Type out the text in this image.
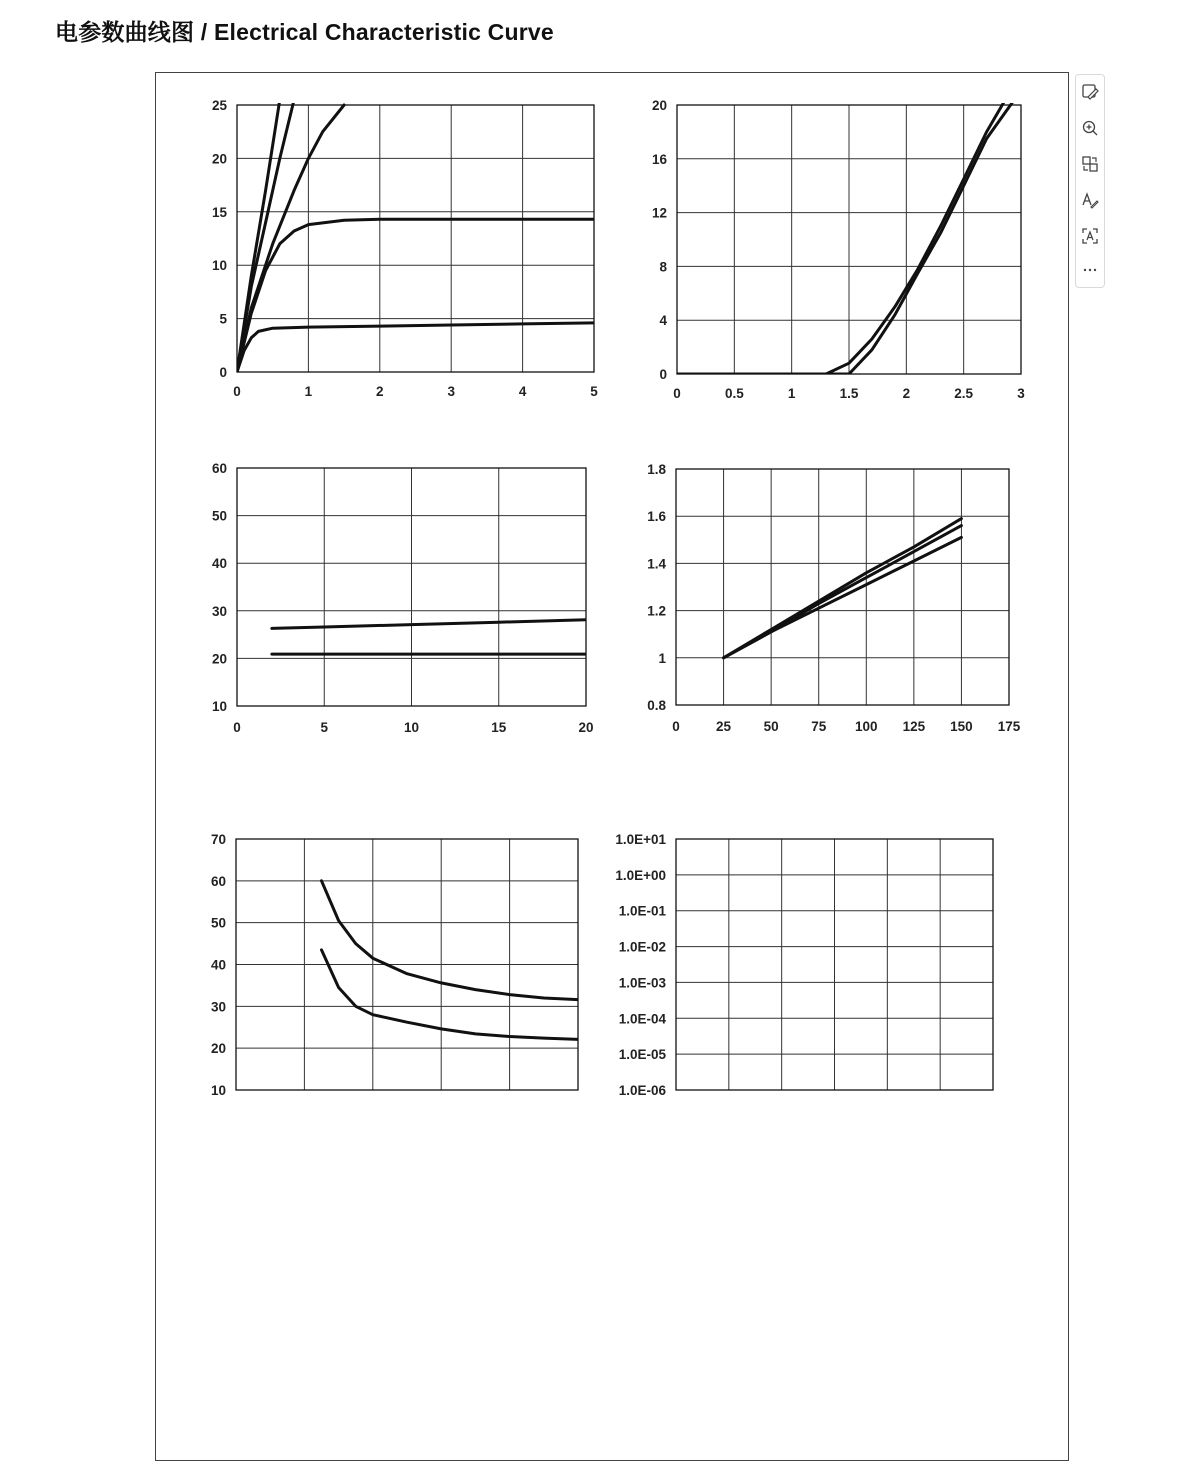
电参数曲线图 / Electrical Characteristic Curve
0	1	2	3	4	5
0
5
10
15
20
25
0	0.5	1	1.5	2	2.5	3
0
4
8
12
16
20
0	5	10	15	20
10
20
30
40
50
60
0	25 50 75 100 125 150 175
0.8
1
1.2
1.4
1.6
1.8
10
20
30
40
50
60
70	1.0E+01
1.0E+00
1.0E-01
1.0E-02
1.0E-03
1.0E-04
1.0E-05
1.0E-06
